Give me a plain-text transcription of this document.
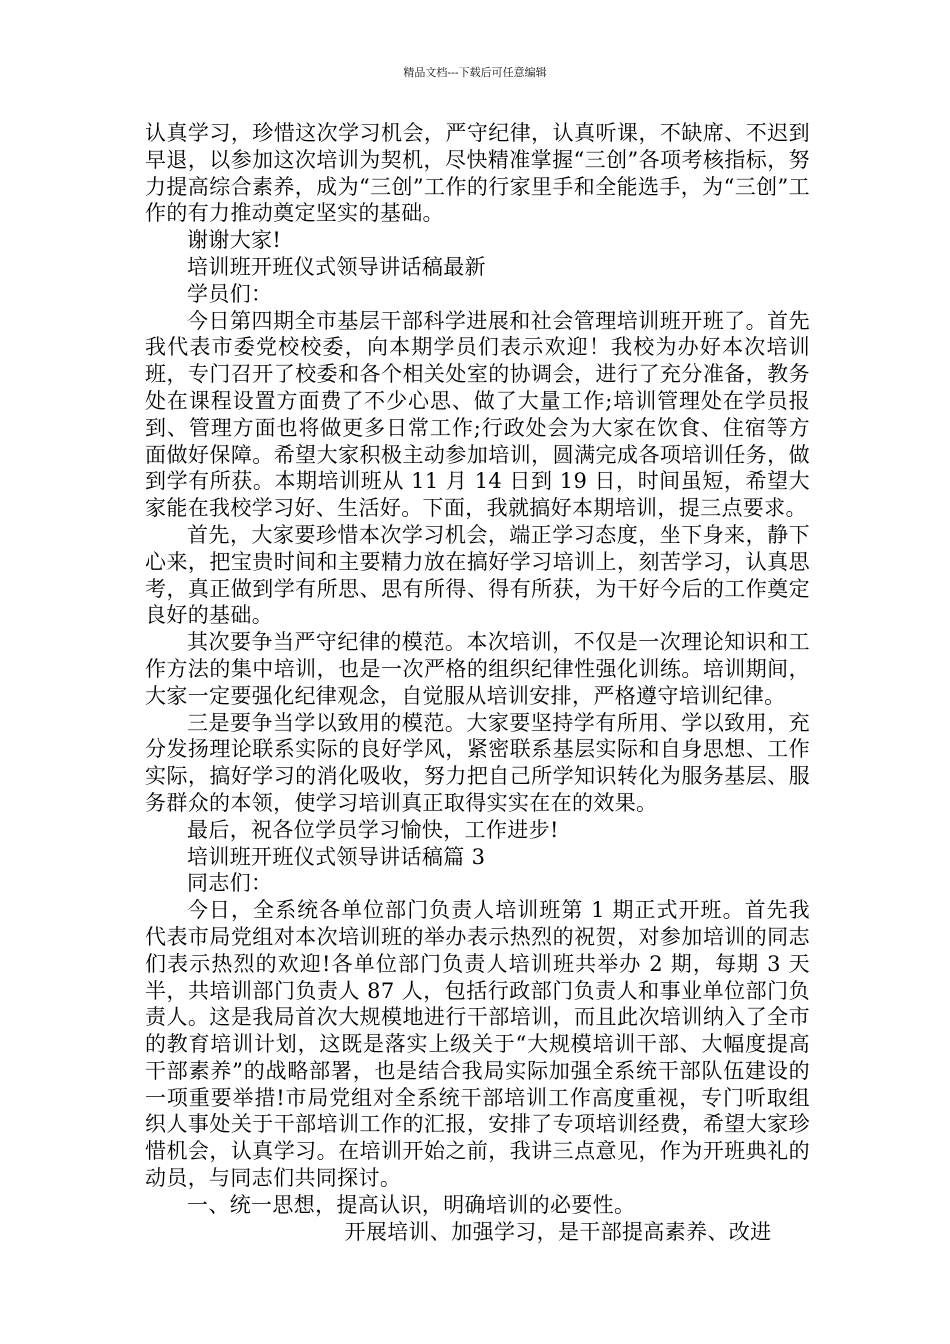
精品文档---下载后可任意编辑

认真学习，珍惜这次学习机会，严守纪律，认真听课，不缺席、不迟到早退，以参加这次培训为契机，尽快精准掌握“三创”各项考核指标，努力提高综合素养，成为“三创”工作的行家里手和全能选手，为“三创”工作的有力推动奠定坚实的基础。

谢谢大家!

培训班开班仪式领导讲话稿最新

学员们：

今日第四期全市基层干部科学进展和社会管理培训班开班了。首先我代表市委党校校委，向本期学员们表示欢迎！我校为办好本次培训班，专门召开了校委和各个相关处室的协调会，进行了充分准备，教务处在课程设置方面费了不少心思、做了大量工作;培训管理处在学员报到、管理方面也将做更多日常工作;行政处会为大家在饮食、住宿等方面做好保障。希望大家积极主动参加培训，圆满完成各项培训任务，做到学有所获。本期培训班从 11 月 14 日到 19 日，时间虽短，希望大家能在我校学习好、生活好。下面，我就搞好本期培训，提三点要求。

首先，大家要珍惜本次学习机会，端正学习态度，坐下身来，静下心来，把宝贵时间和主要精力放在搞好学习培训上，刻苦学习，认真思考，真正做到学有所思、思有所得、得有所获，为干好今后的工作奠定良好的基础。

其次要争当严守纪律的模范。本次培训，不仅是一次理论知识和工作方法的集中培训，也是一次严格的组织纪律性强化训练。培训期间，大家一定要强化纪律观念，自觉服从培训安排，严格遵守培训纪律。

三是要争当学以致用的模范。大家要坚持学有所用、学以致用，充分发扬理论联系实际的良好学风，紧密联系基层实际和自身思想、工作实际，搞好学习的消化吸收，努力把自己所学知识转化为服务基层、服务群众的本领，使学习培训真正取得实实在在的效果。

最后，祝各位学员学习愉快，工作进步!

培训班开班仪式领导讲话稿篇 3

同志们：

今日，全系统各单位部门负责人培训班第 1 期正式开班。首先我代表市局党组对本次培训班的举办表示热烈的祝贺，对参加培训的同志们表示热烈的欢迎!各单位部门负责人培训班共举办 2 期，每期 3 天半，共培训部门负责人 87 人，包括行政部门负责人和事业单位部门负责人。这是我局首次大规模地进行干部培训，而且此次培训纳入了全市的教育培训计划，这既是落实上级关于“大规模培训干部、大幅度提高干部素养”的战略部署，也是结合我局实际加强全系统干部队伍建设的一项重要举措!市局党组对全系统干部培训工作高度重视，专门听取组织人事处关于干部培训工作的汇报，安排了专项培训经费，希望大家珍惜机会，认真学习。在培训开始之前，我讲三点意见，作为开班典礼的动员，与同志们共同探讨。

一、统一思想，提高认识，明确培训的必要性。

开展培训、加强学习，是干部提高素养、改进
